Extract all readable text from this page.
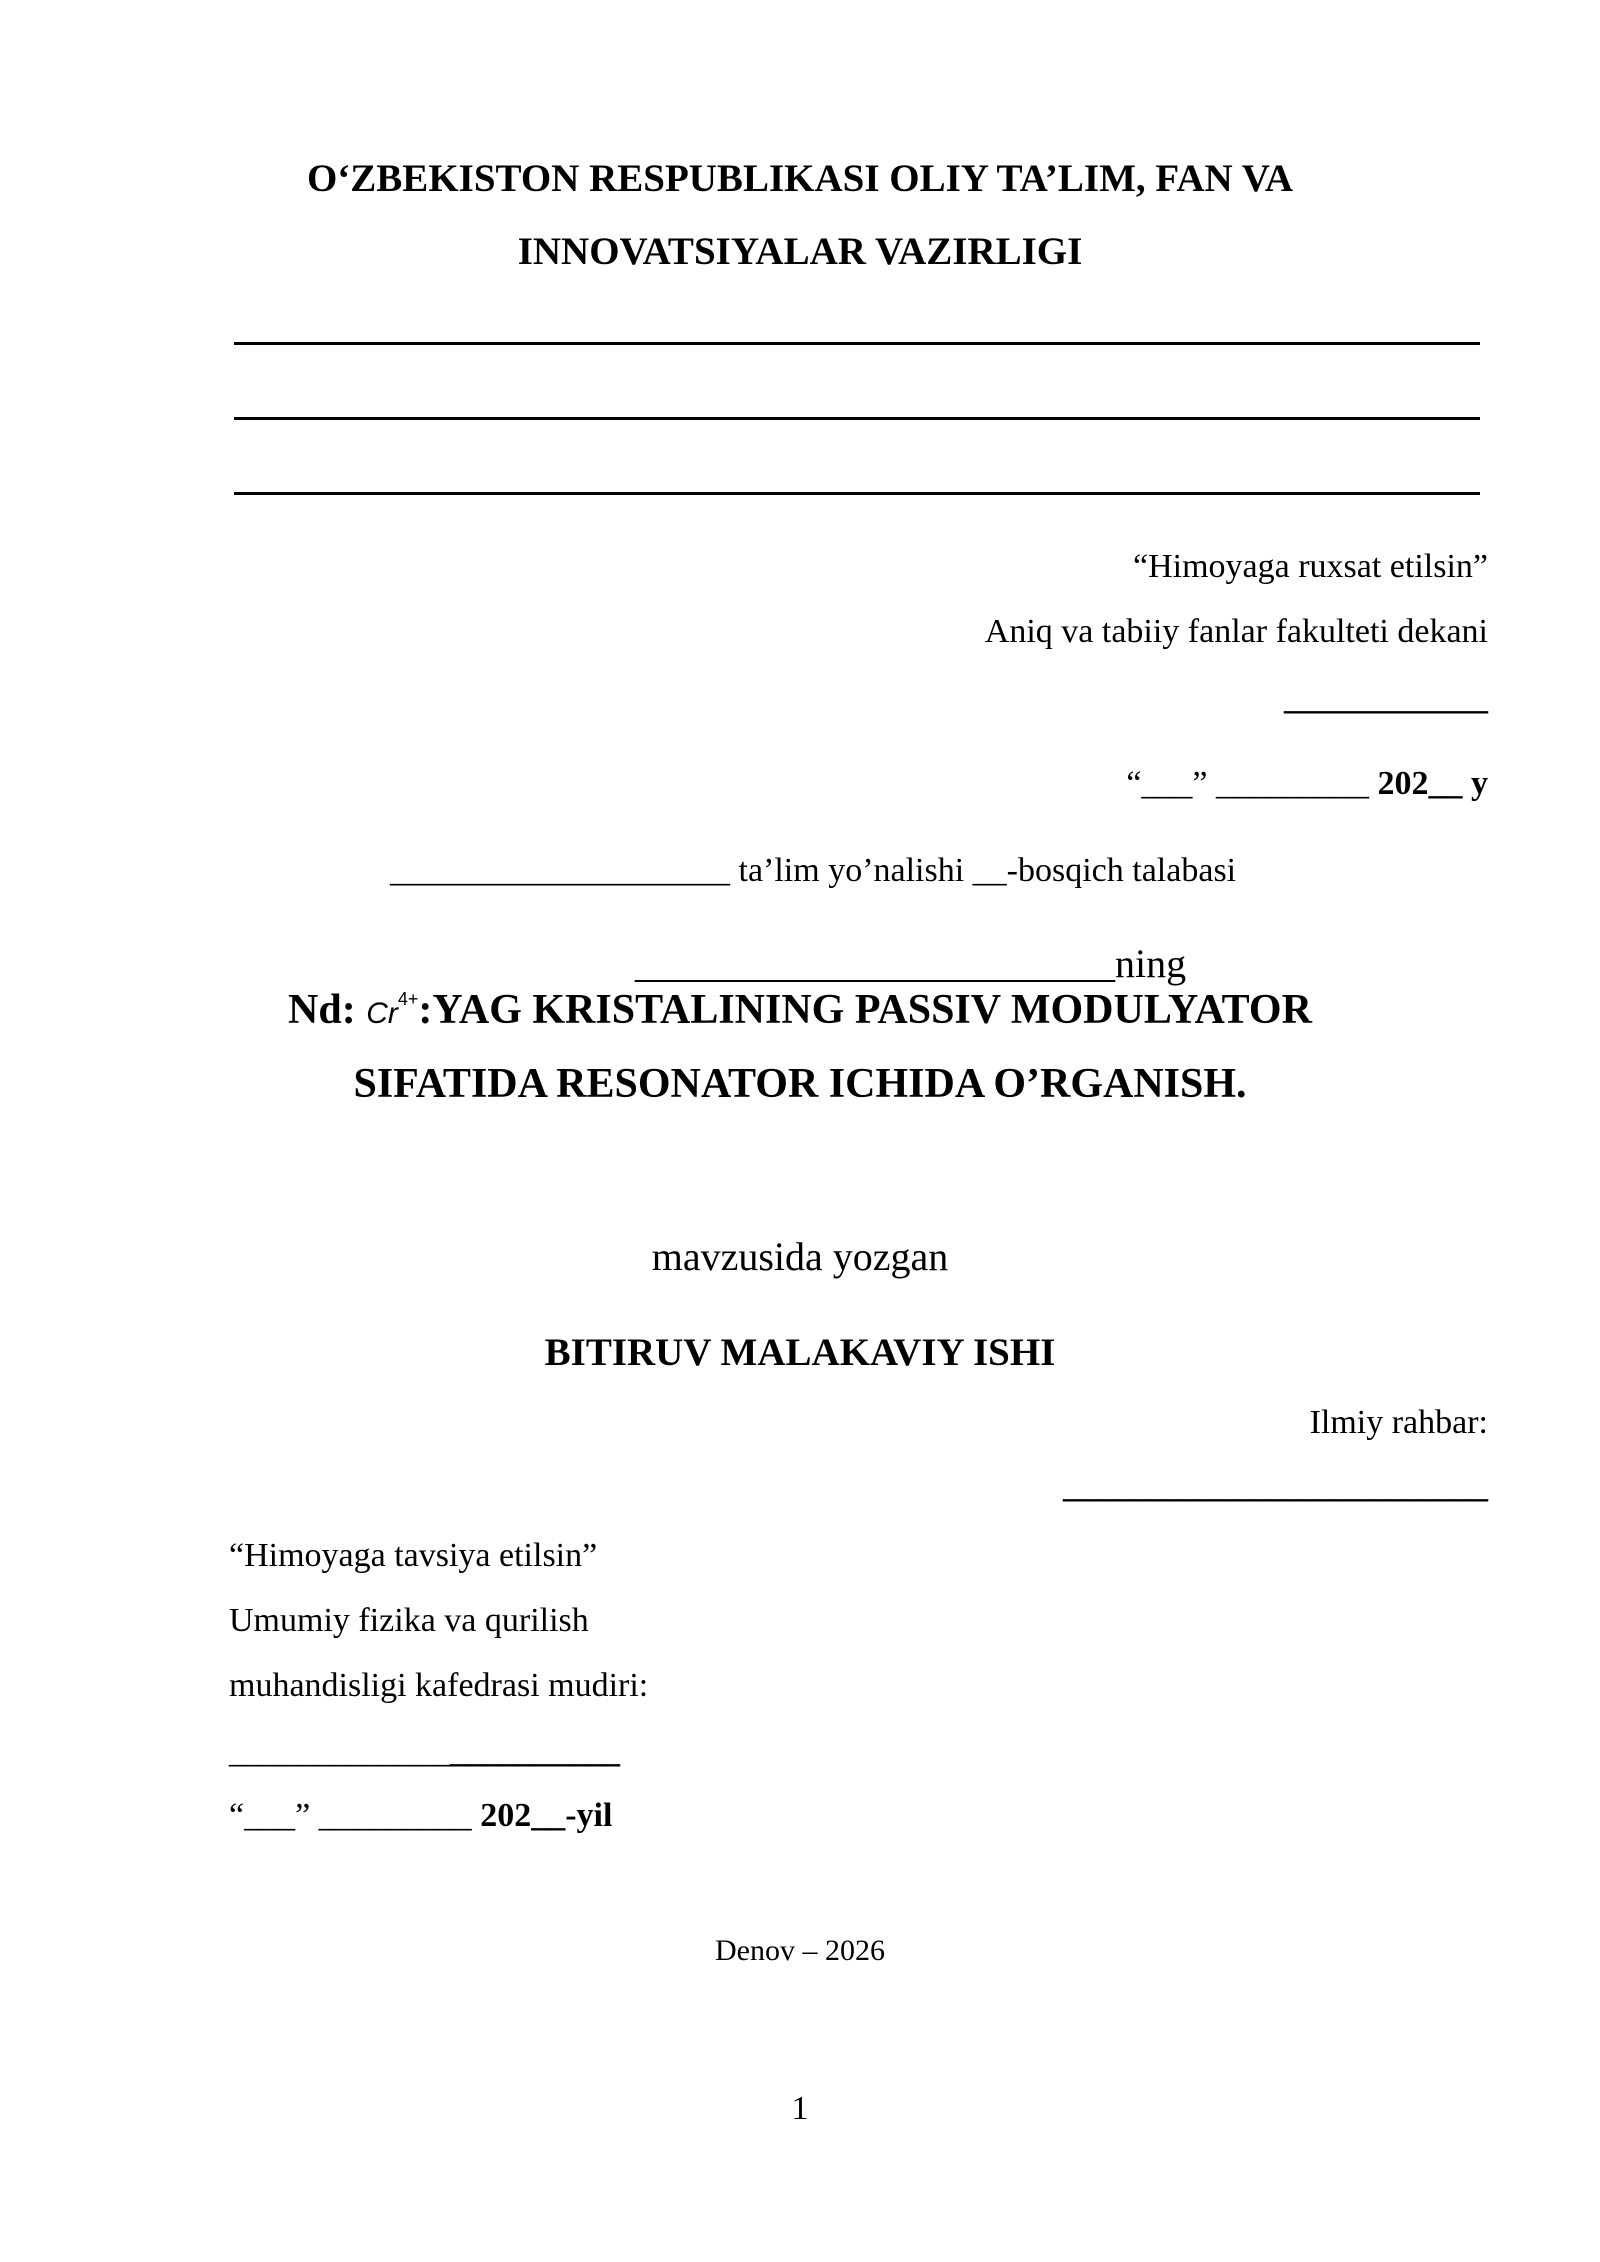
O‘ZBEKISTON RESPUBLIKASI OLIY TA’LIM, FAN VA
INNOVATSIYALAR VAZIRLIGI
“Himoyaga ruxsat etilsin”
Aniq va tabiiy fanlar fakulteti dekani
____________
“___” _________ 202__ y
____________________ ta’lim yo’nalishi __-bosqich talabasi
________________________ning
Nd: $Cr^{4+}:YAG$ KRISTALINING PASSIV MODULYATOR
SIFATIDA RESONATOR ICHIDA O’RGANISH.
mavzusida yozgan
BITIRUV MALAKAVIY ISHI
Ilmiy rahbar:
_________________________
“Himoyaga tavsiya etilsin”
Umumiy fizika va qurilish
muhandisligi kafedrasi mudiri:
_______________________
“___” _________ 202__-yil
Denov – 2026
1
